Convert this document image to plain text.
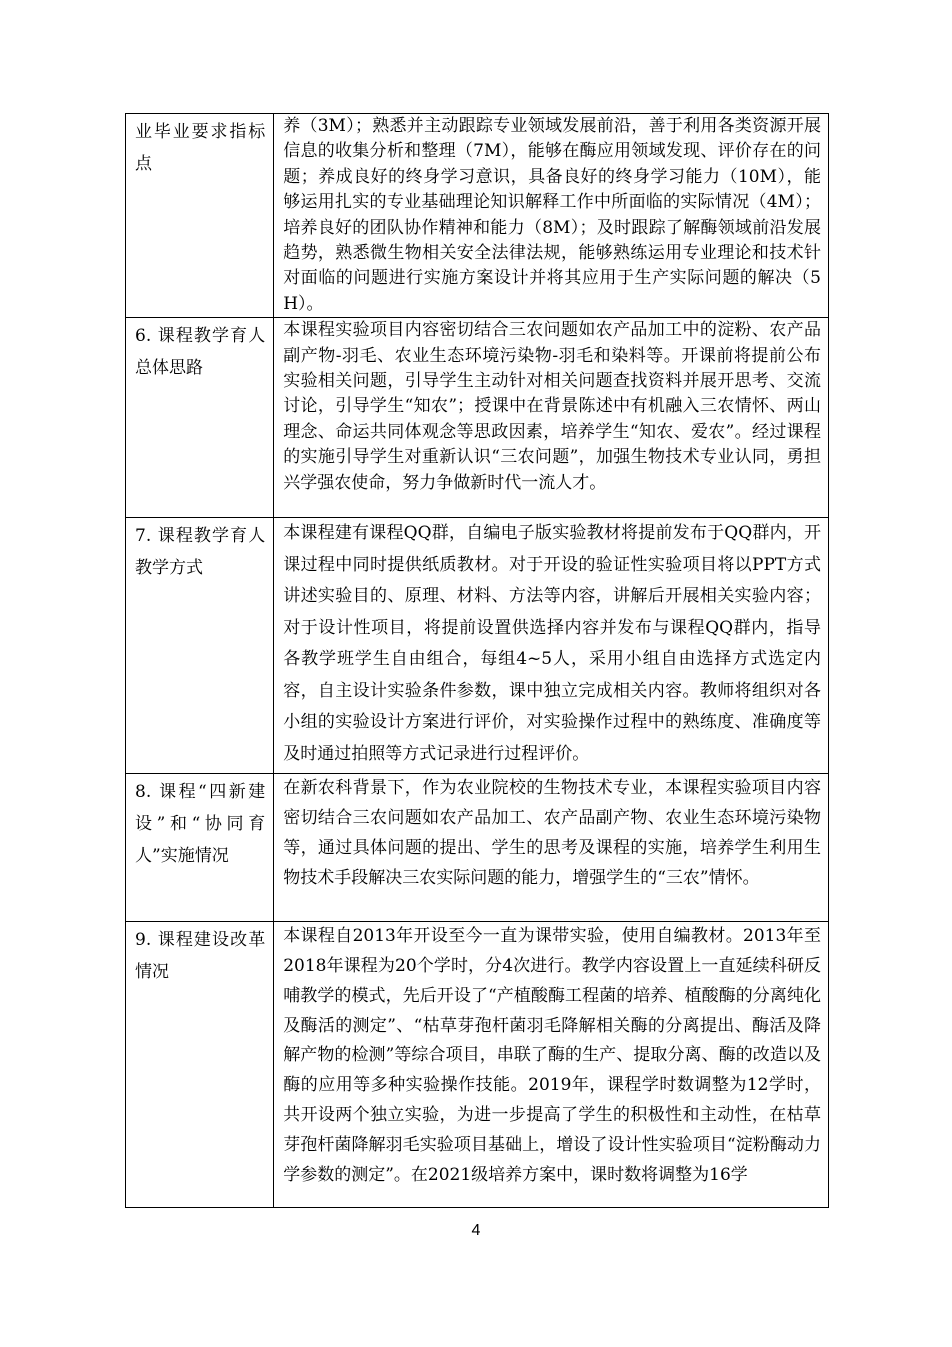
业毕业要求指标点	养（3M）；熟悉并主动跟踪专业领域发展前沿，善于利用各类资源开展信息的收集分析和整理（7M），能够在酶应用领域发现、评价存在的问题；养成良好的终身学习意识，具备良好的终身学习能力（10M），能够运用扎实的专业基础理论知识解释工作中所面临的实际情况（4M）；培养良好的团队协作精神和能力（8M）；及时跟踪了解酶领域前沿发展趋势，熟悉微生物相关安全法律法规，能够熟练运用专业理论和技术针对面临的问题进行实施方案设计并将其应用于生产实际问题的解决（5H）。

6. 课程教学育人总体思路	本课程实验项目内容密切结合三农问题如农产品加工中的淀粉、农产品副产物-羽毛、农业生态环境污染物-羽毛和染料等。开课前将提前公布实验相关问题，引导学生主动针对相关问题查找资料并展开思考、交流讨论，引导学生“知农”；授课中在背景陈述中有机融入三农情怀、两山理念、命运共同体观念等思政因素，培养学生“知农、爱农”。经过课程的实施引导学生对重新认识“三农问题”，加强生物技术专业认同，勇担兴学强农使命，努力争做新时代一流人才。

7. 课程教学育人教学方式	本课程建有课程QQ群，自编电子版实验教材将提前发布于QQ群内，开课过程中同时提供纸质教材。对于开设的验证性实验项目将以PPT方式讲述实验目的、原理、材料、方法等内容，讲解后开展相关实验内容；对于设计性项目，将提前设置供选择内容并发布与课程QQ群内，指导各教学班学生自由组合，每组4~5人，采用小组自由选择方式选定内容，自主设计实验条件参数，课中独立完成相关内容。教师将组织对各小组的实验设计方案进行评价，对实验操作过程中的熟练度、准确度等及时通过拍照等方式记录进行过程评价。

8. 课程“四新建设”和“协同育人”实施情况	在新农科背景下，作为农业院校的生物技术专业，本课程实验项目内容密切结合三农问题如农产品加工、农产品副产物、农业生态环境污染物等，通过具体问题的提出、学生的思考及课程的实施，培养学生利用生物技术手段解决三农实际问题的能力，增强学生的“三农”情怀。

9. 课程建设改革情况	本课程自2013年开设至今一直为课带实验，使用自编教材。2013年至2018年课程为20个学时，分4次进行。教学内容设置上一直延续科研反哺教学的模式，先后开设了“产植酸酶工程菌的培养、植酸酶的分离纯化及酶活的测定”、“枯草芽孢杆菌羽毛降解相关酶的分离提出、酶活及降解产物的检测”等综合项目，串联了酶的生产、提取分离、酶的改造以及酶的应用等多种实验操作技能。2019年，课程学时数调整为12学时，共开设两个独立实验，为进一步提高了学生的积极性和主动性，在枯草芽孢杆菌降解羽毛实验项目基础上，增设了设计性实验项目“淀粉酶动力学参数的测定”。在2021级培养方案中，课时数将调整为16学
4
